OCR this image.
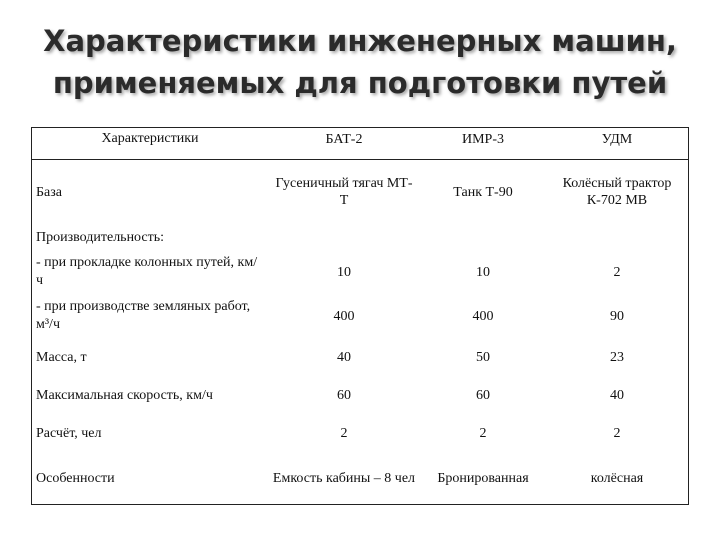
Характеристики инженерных машин,
применяемых для подготовки путей
Характеристики	БАТ-2	ИМР-3	УДМ
База	Гусеничный тягач МТ-Т	Танк Т-90	Колёсный трактор К-702 МВ
Производительность:			
- при прокладке колонных путей, км/ч	10	10	2
- при производстве земляных работ, м³/ч	400	400	90
Масса, т	40	50	23
Максимальная скорость, км/ч	60	60	40
Расчёт, чел	2	2	2
Особенности	Емкость кабины – 8 чел	Бронированная	колёсная
